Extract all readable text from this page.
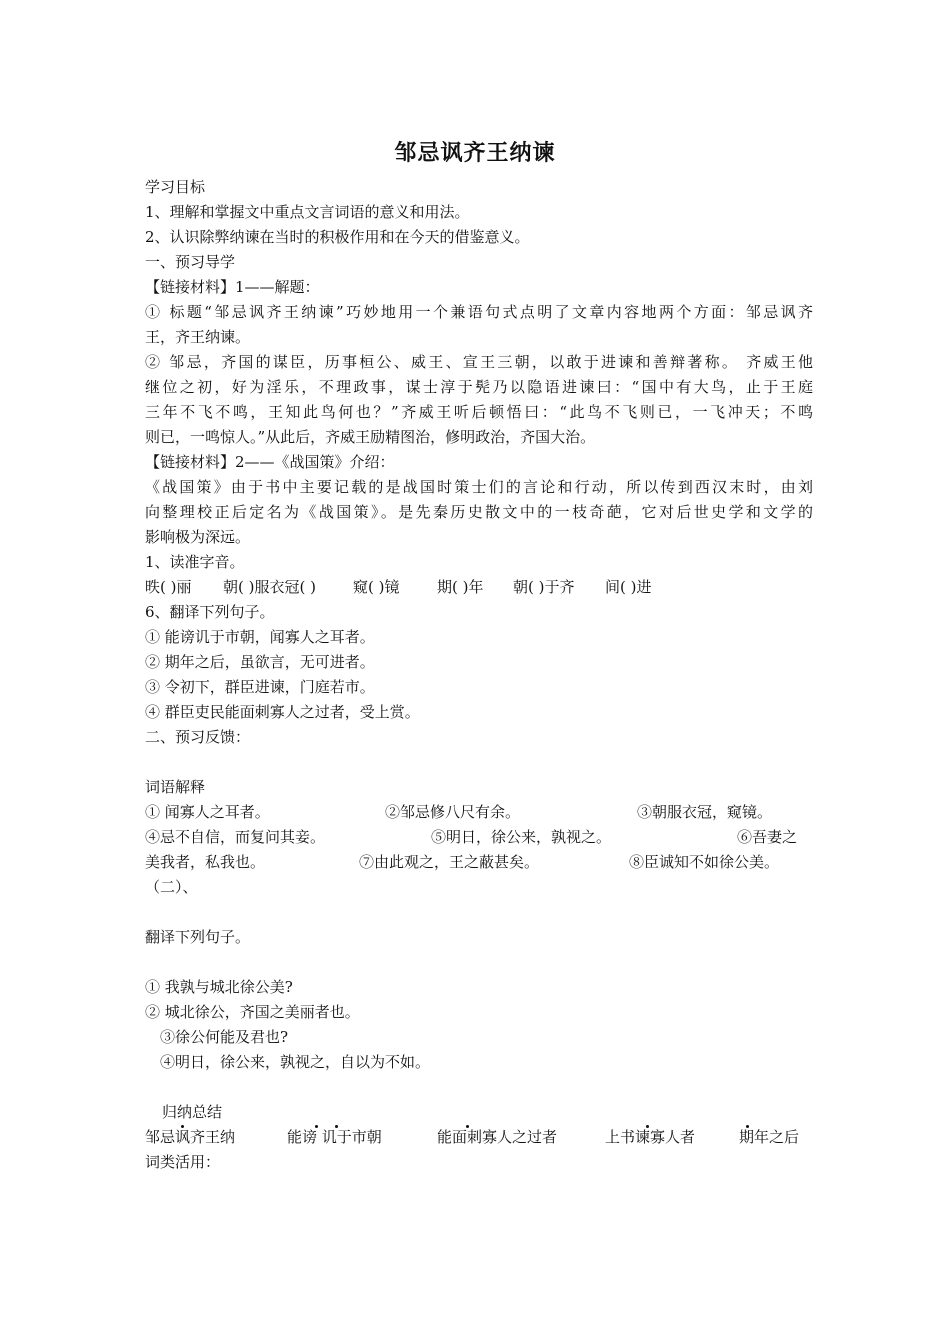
邹忌讽齐王纳谏
学习目标
1、理解和掌握文中重点文言词语的意义和用法。
2、认识除弊纳谏在当时的积极作用和在今天的借鉴意义。
一、预习导学
【链接材料】1——解题：
① 标题“邹忌讽齐王纳谏”巧妙地用一个兼语句式点明了文章内容地两个方面：邹忌讽齐
王，齐王纳谏。
② 邹忌，齐国的谋臣，历事桓公、威王、宣王三朝，以敢于进谏和善辩著称。 齐威王他
继位之初，好为淫乐，不理政事，谋士淳于髡乃以隐语进谏曰：“国中有大鸟，止于王庭
三年不飞不鸣，王知此鸟何也？”齐威王听后顿悟曰：“此鸟不飞则已，一飞冲天；不鸣
则已，一鸣惊人。”从此后，齐威王励精图治，修明政治，齐国大治。
【链接材料】2——《战国策》介绍：
《战国策》由于书中主要记载的是战国时策士们的言论和行动，所以传到西汉末时，由刘
向整理校正后定名为《战国策》。是先秦历史散文中的一枝奇葩，它对后世史学和文学的
影响极为深远。
1、读准字音。
昳( )丽 朝( )服衣冠( ) 窥( )镜	期( )年 朝( )于齐 间( )进
6、翻译下列句子。
① 能谤讥于市朝，闻寡人之耳者。
② 期年之后，虽欲言，无可进者。
③ 令初下，群臣进谏，门庭若市。
④ 群臣吏民能面刺寡人之过者，受上赏。
二、预习反馈：
词语解释
① 闻寡人之耳者。	②邹忌修八尺有余。	③朝服衣冠，窥镜。
④忌不自信，而复问其妾。	⑤明日，徐公来，孰视之。	⑥吾妻之
美我者，私我也。	⑦由此观之，王之蔽甚矣。	⑧臣诚知不如徐公美。
（二）、
翻译下列句子。
① 我孰与城北徐公美?
② 城北徐公，齐国之美丽者也。
③徐公何能及君也?
④明日，徐公来，孰视之，自以为不如。
归纳总结
邹忌讽齐王纳	能谤 讥于市朝	能面刺寡人之过者	上书谏寡人者	期年之后
词类活用：
